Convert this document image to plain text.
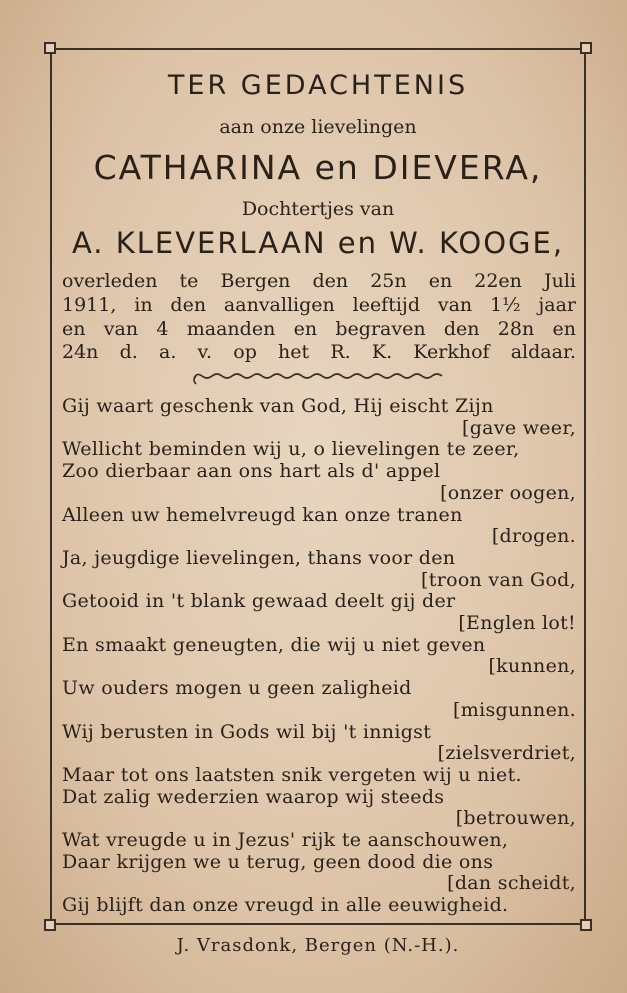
TER GEDACHTENIS
aan onze lievelingen
CATHARINA en DIEVERA,
Dochtertjes van
A. KLEVERLAAN en W. KOOGE,
overleden te Bergen den 25n en 22en Juli
1911, in den aanvalligen leeftijd van 1½ jaar
en van 4 maanden en begraven den 28n en
24n d. a. v. op het R. K. Kerkhof aldaar.
Gij waart geschenk van God, Hij eischt Zijn
[gave weer,
Wellicht beminden wij u, o lievelingen te zeer,
Zoo dierbaar aan ons hart als d' appel
[onzer oogen,
Alleen uw hemelvreugd kan onze tranen
[drogen.
Ja, jeugdige lievelingen, thans voor den
[troon van God,
Getooid in 't blank gewaad deelt gij der
[Englen lot!
En smaakt geneugten, die wij u niet geven
[kunnen,
Uw ouders mogen u geen zaligheid
[misgunnen.
Wij berusten in Gods wil bij 't innigst
[zielsverdriet,
Maar tot ons laatsten snik vergeten wij u niet.
Dat zalig wederzien waarop wij steeds
[betrouwen,
Wat vreugde u in Jezus' rijk te aanschouwen,
Daar krijgen we u terug, geen dood die ons
[dan scheidt,
Gij blijft dan onze vreugd in alle eeuwigheid.
J. Vrasdonk, Bergen (N.-H.).
